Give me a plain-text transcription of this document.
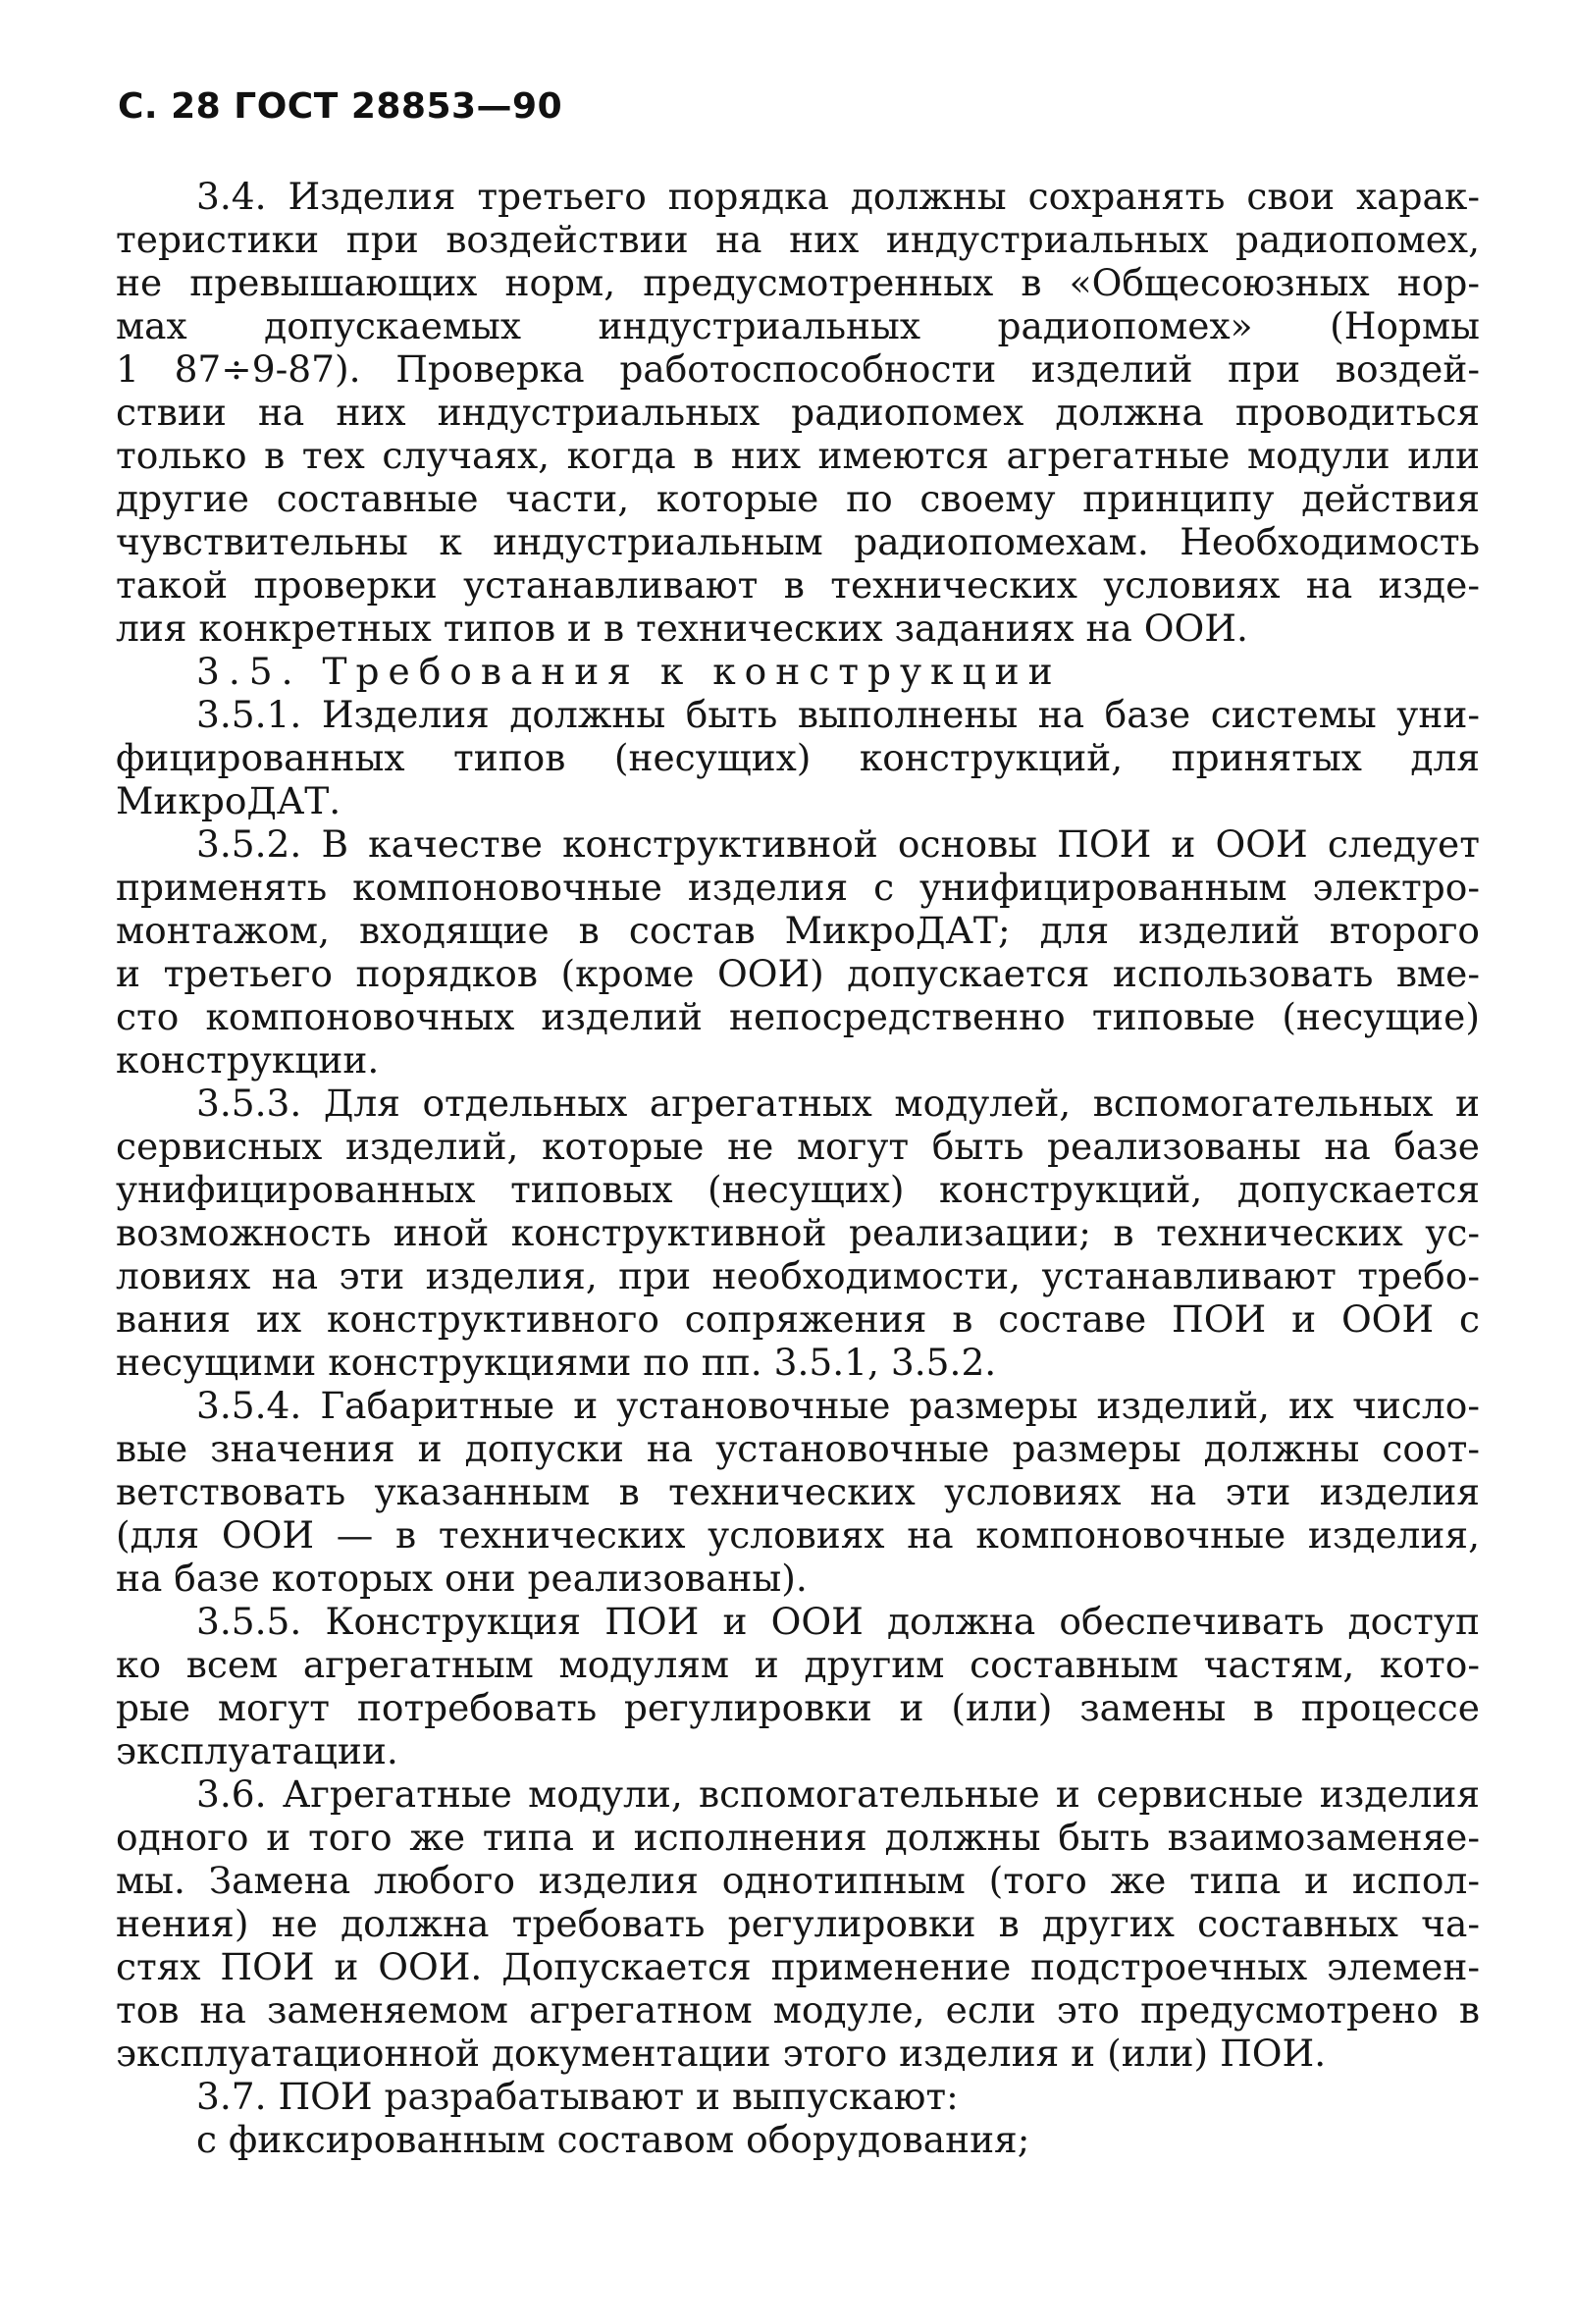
С. 28 ГОСТ 28853—90
3.4. Изделия третьего порядка должны сохранять свои харак-
теристики при воздействии на них индустриальных радиопомех,
не превышающих норм, предусмотренных в «Общесоюзных нор-
мах допускаемых индустриальных радиопомех» (Нормы
1 87÷9-87). Проверка работоспособности изделий при воздей-
ствии на них индустриальных радиопомех должна проводиться
только в тех случаях, когда в них имеются агрегатные модули или
другие составные части, которые по своему принципу действия
чувствительны к индустриальным радиопомехам. Необходимость
такой проверки устанавливают в технических условиях на изде-
лия конкретных типов и в технических заданиях на ООИ.
3.5. Требования к конструкции
3.5.1. Изделия должны быть выполнены на базе системы уни-
фицированных типов (несущих) конструкций, принятых для
МикроДАТ.
3.5.2. В качестве конструктивной основы ПОИ и ООИ следует
применять компоновочные изделия с унифицированным электро-
монтажом, входящие в состав МикроДАТ; для изделий второго
и третьего порядков (кроме ООИ) допускается использовать вме-
сто компоновочных изделий непосредственно типовые (несущие)
конструкции.
3.5.3. Для отдельных агрегатных модулей, вспомогательных и
сервисных изделий, которые не могут быть реализованы на базе
унифицированных типовых (несущих) конструкций, допускается
возможность иной конструктивной реализации; в технических ус-
ловиях на эти изделия, при необходимости, устанавливают требо-
вания их конструктивного сопряжения в составе ПОИ и ООИ с
несущими конструкциями по пп. 3.5.1, 3.5.2.
3.5.4. Габаритные и установочные размеры изделий, их число-
вые значения и допуски на установочные размеры должны соот-
ветствовать указанным в технических условиях на эти изделия
(для ООИ — в технических условиях на компоновочные изделия,
на базе которых они реализованы).
3.5.5. Конструкция ПОИ и ООИ должна обеспечивать доступ
ко всем агрегатным модулям и другим составным частям, кото-
рые могут потребовать регулировки и (или) замены в процессе
эксплуатации.
3.6. Агрегатные модули, вспомогательные и сервисные изделия
одного и того же типа и исполнения должны быть взаимозаменяе-
мы. Замена любого изделия однотипным (того же типа и испол-
нения) не должна требовать регулировки в других составных ча-
стях ПОИ и ООИ. Допускается применение подстроечных элемен-
тов на заменяемом агрегатном модуле, если это предусмотрено в
эксплуатационной документации этого изделия и (или) ПОИ.
3.7. ПОИ разрабатывают и выпускают:
с фиксированным составом оборудования;
